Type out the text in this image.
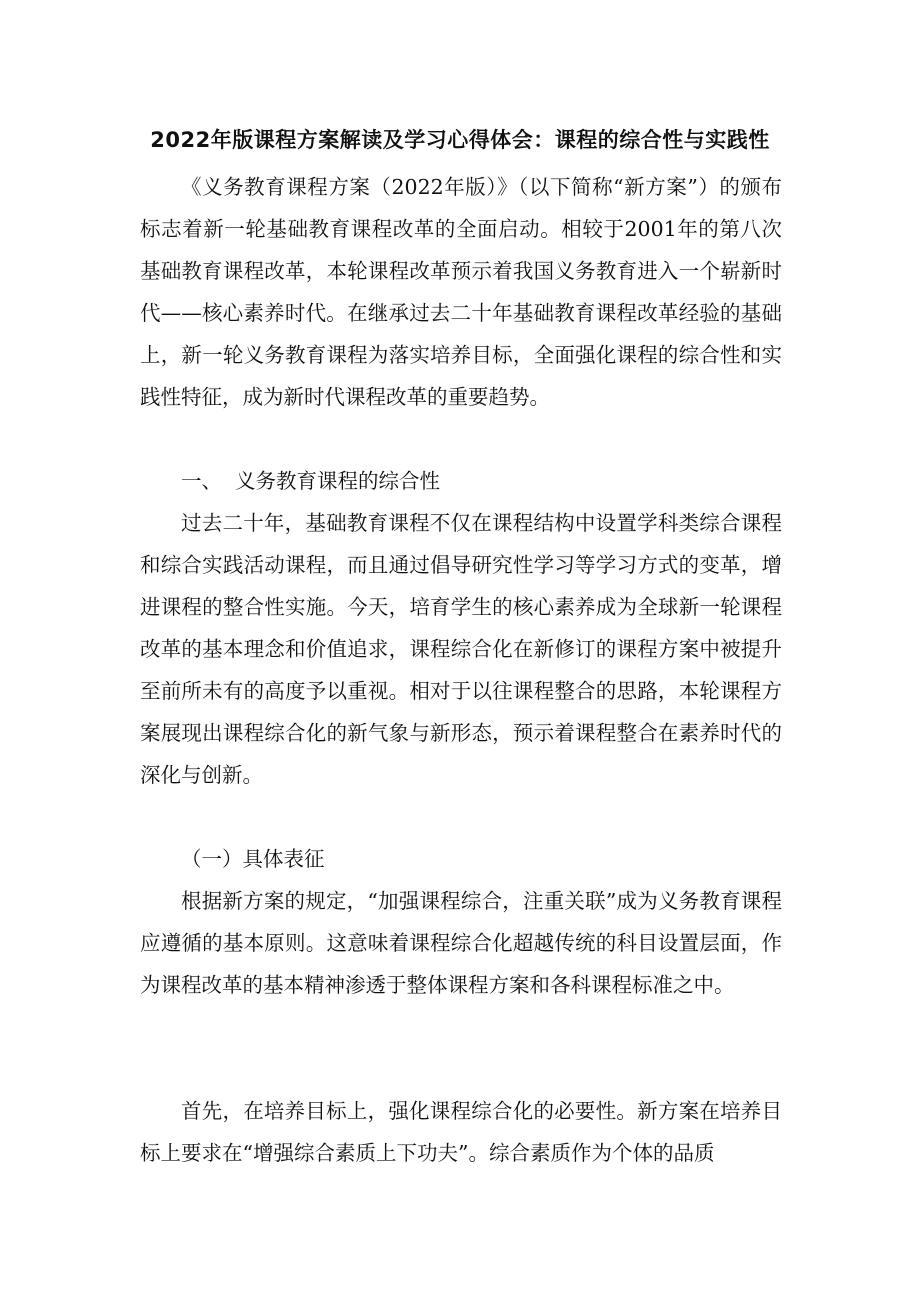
2022年版课程方案解读及学习心得体会：课程的综合性与实践性

《义务教育课程方案（2022年版）》（以下简称“新方案”）的颁布标志着新一轮基础教育课程改革的全面启动。相较于2001年的第八次基础教育课程改革，本轮课程改革预示着我国义务教育进入一个崭新时代——核心素养时代。在继承过去二十年基础教育课程改革经验的基础上，新一轮义务教育课程为落实培养目标，全面强化课程的综合性和实践性特征，成为新时代课程改革的重要趋势。

一、  义务教育课程的综合性

过去二十年，基础教育课程不仅在课程结构中设置学科类综合课程和综合实践活动课程，而且通过倡导研究性学习等学习方式的变革，增进课程的整合性实施。今天，培育学生的核心素养成为全球新一轮课程改革的基本理念和价值追求，课程综合化在新修订的课程方案中被提升至前所未有的高度予以重视。相对于以往课程整合的思路，本轮课程方案展现出课程综合化的新气象与新形态，预示着课程整合在素养时代的深化与创新。

（一）具体表征

根据新方案的规定，“加强课程综合，注重关联”成为义务教育课程应遵循的基本原则。这意味着课程综合化超越传统的科目设置层面，作为课程改革的基本精神渗透于整体课程方案和各科课程标准之中。

首先，在培养目标上，强化课程综合化的必要性。新方案在培养目标上要求在“增强综合素质上下功夫”。综合素质作为个体的品质
